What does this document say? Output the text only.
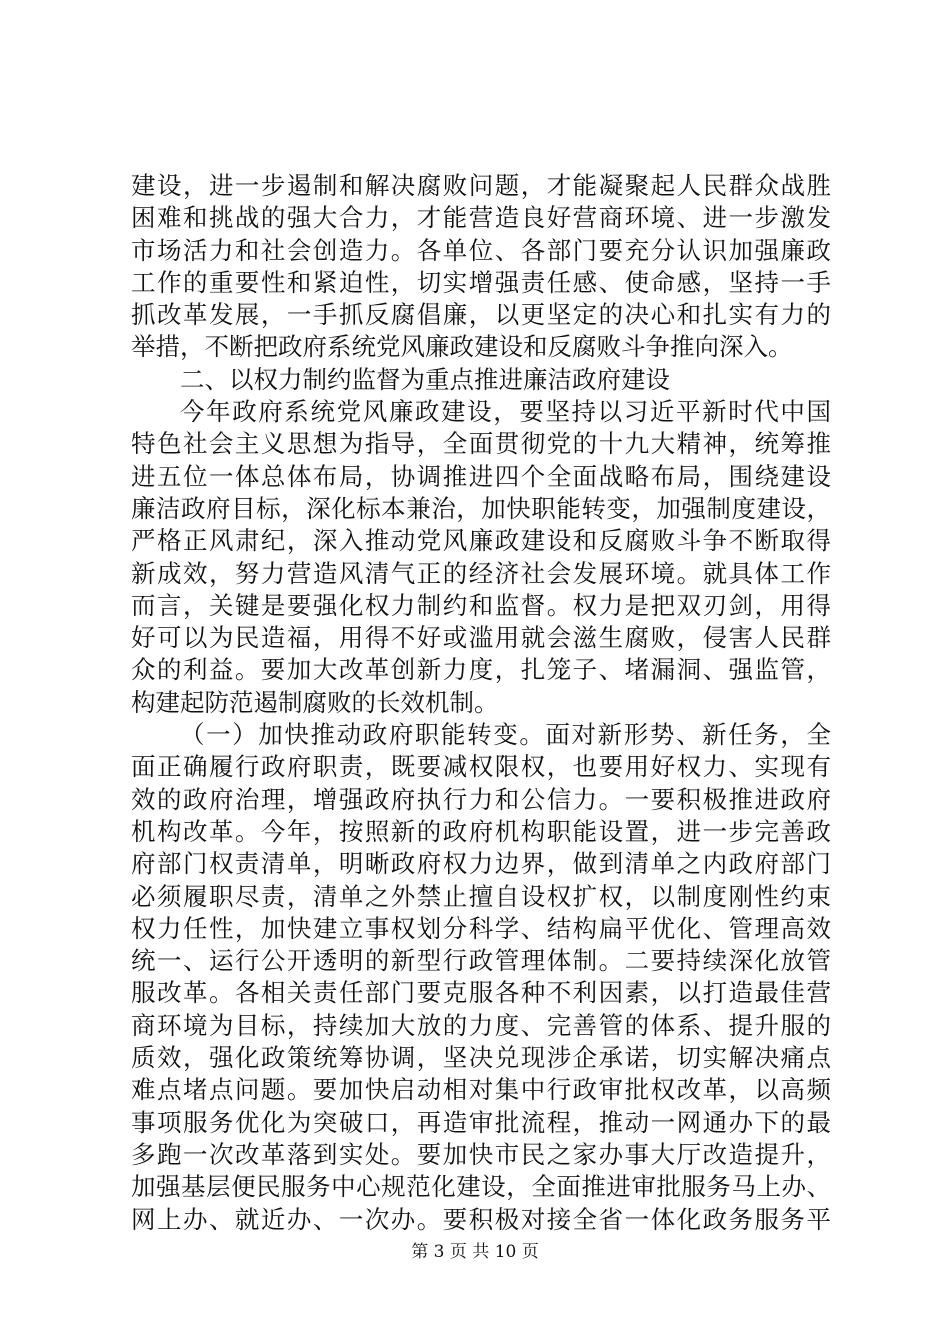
建设，进一步遏制和解决腐败问题，才能凝聚起人民群众战胜
困难和挑战的强大合力，才能营造良好营商环境、进一步激发
市场活力和社会创造力。各单位、各部门要充分认识加强廉政
工作的重要性和紧迫性，切实增强责任感、使命感，坚持一手
抓改革发展，一手抓反腐倡廉，以更坚定的决心和扎实有力的
举措，不断把政府系统党风廉政建设和反腐败斗争推向深入。
二、以权力制约监督为重点推进廉洁政府建设
今年政府系统党风廉政建设，要坚持以习近平新时代中国
特色社会主义思想为指导，全面贯彻党的十九大精神，统筹推
进五位一体总体布局，协调推进四个全面战略布局，围绕建设
廉洁政府目标，深化标本兼治，加快职能转变，加强制度建设，
严格正风肃纪，深入推动党风廉政建设和反腐败斗争不断取得
新成效，努力营造风清气正的经济社会发展环境。就具体工作
而言，关键是要强化权力制约和监督。权力是把双刃剑，用得
好可以为民造福，用得不好或滥用就会滋生腐败，侵害人民群
众的利益。要加大改革创新力度，扎笼子、堵漏洞、强监管，
构建起防范遏制腐败的长效机制。
（一）加快推动政府职能转变。面对新形势、新任务，全
面正确履行政府职责，既要减权限权，也要用好权力、实现有
效的政府治理，增强政府执行力和公信力。一要积极推进政府
机构改革。今年，按照新的政府机构职能设置，进一步完善政
府部门权责清单，明晰政府权力边界，做到清单之内政府部门
必须履职尽责，清单之外禁止擅自设权扩权，以制度刚性约束
权力任性，加快建立事权划分科学、结构扁平优化、管理高效
统一、运行公开透明的新型行政管理体制。二要持续深化放管
服改革。各相关责任部门要克服各种不利因素，以打造最佳营
商环境为目标，持续加大放的力度、完善管的体系、提升服的
质效，强化政策统筹协调，坚决兑现涉企承诺，切实解决痛点
难点堵点问题。要加快启动相对集中行政审批权改革，以高频
事项服务优化为突破口，再造审批流程，推动一网通办下的最
多跑一次改革落到实处。要加快市民之家办事大厅改造提升，
加强基层便民服务中心规范化建设，全面推进审批服务马上办、
网上办、就近办、一次办。要积极对接全省一体化政务服务平
第 3 页 共 10 页
